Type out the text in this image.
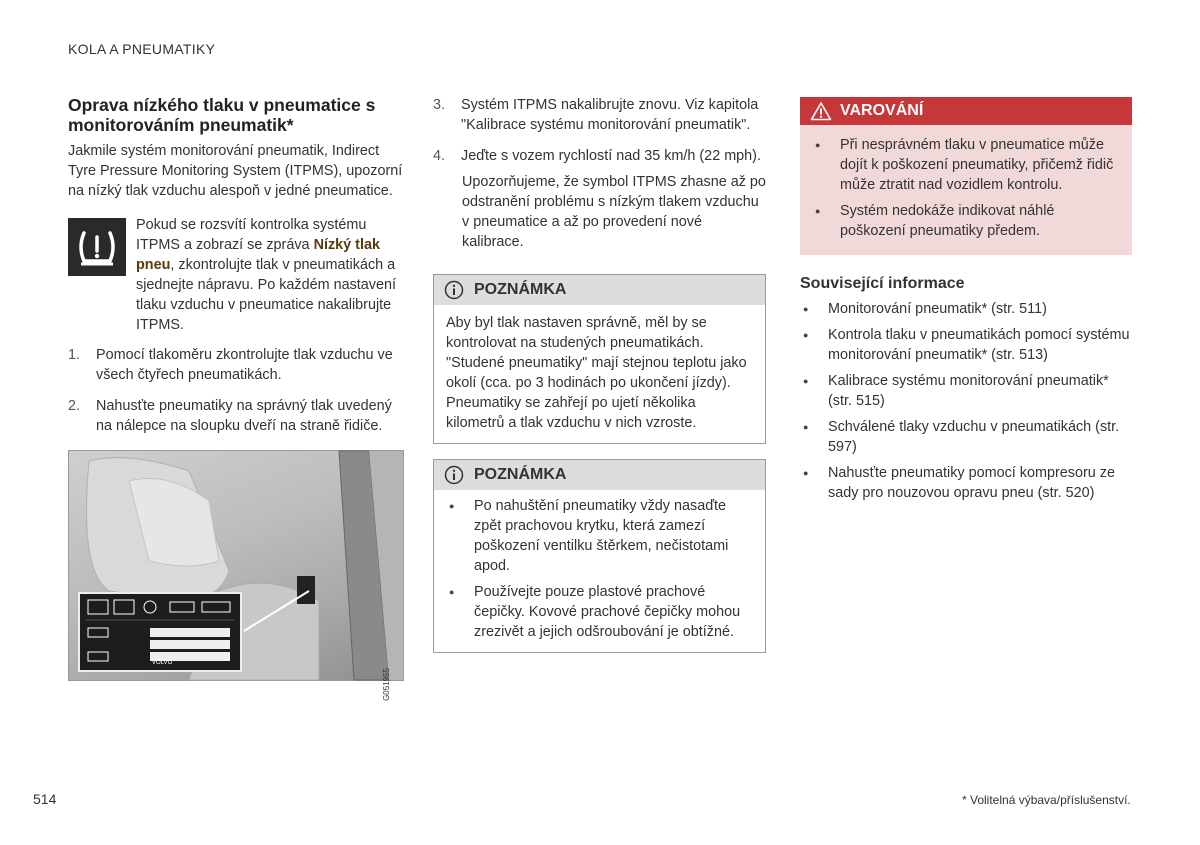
KOLA A PNEUMATIKY
Oprava nízkého tlaku v pneumatice s monitorováním pneumatik*

Jakmile systém monitorování pneumatik, Indirect Tyre Pressure Monitoring System (ITPMS), upozorní na nízký tlak vzduchu alespoň v jedné pneumatice.

Pokud se rozsvítí kontrolka systému ITPMS a zobrazí se zpráva Nízký tlak pneu, zkontrolujte tlak v pneumatikách a sjednejte nápravu. Po každém nastavení tlaku vzduchu v pneumatice nakalibrujte ITPMS.

1.	Pomocí tlakoměru zkontrolujte tlak vzduchu ve všech čtyřech pneumatikách.
2.	Nahusťte pneumatiky na správný tlak uvedený na nálepce na sloupku dveří na straně řidiče.
G051955
VOLVO
3.	Systém ITPMS nakalibrujte znovu. Viz kapitola "Kalibrace systému monitorování pneumatik".
4.	Jeďte s vozem rychlostí nad 35 km/h (22 mph).

Upozorňujeme, že symbol ITPMS zhasne až po odstranění problému s nízkým tlakem vzduchu v pneumatice a až po provedení nové kalibrace.

POZNÁMKA

Aby byl tlak nastaven správně, měl by se kontrolovat na studených pneumatikách. "Studené pneumatiky" mají stejnou teplotu jako okolí (cca. po 3 hodinách po ukončení jízdy). Pneumatiky se zahřejí po ujetí několika kilometrů a tlak vzduchu v nich vzroste.

POZNÁMKA
● Po nahuštění pneumatiky vždy nasaďte zpět prachovou krytku, která zamezí poškození ventilku štěrkem, nečistotami apod.
● Používejte pouze plastové prachové čepičky. Kovové prachové čepičky mohou zrezivět a jejich odšroubování je obtížné.
VAROVÁNÍ
● Při nesprávném tlaku v pneumatice může dojít k poškození pneumatiky, přičemž řidič může ztratit nad vozidlem kontrolu.
● Systém nedokáže indikovat náhlé poškození pneumatiky předem.
Související informace
● Monitorování pneumatik* (str. 511)
● Kontrola tlaku v pneumatikách pomocí systému monitorování pneumatik* (str. 513)
● Kalibrace systému monitorování pneumatik* (str. 515)
● Schválené tlaky vzduchu v pneumatikách (str. 597)
● Nahusťte pneumatiky pomocí kompresoru ze sady pro nouzovou opravu pneu (str. 520)
514	* Volitelná výbava/příslušenství.
